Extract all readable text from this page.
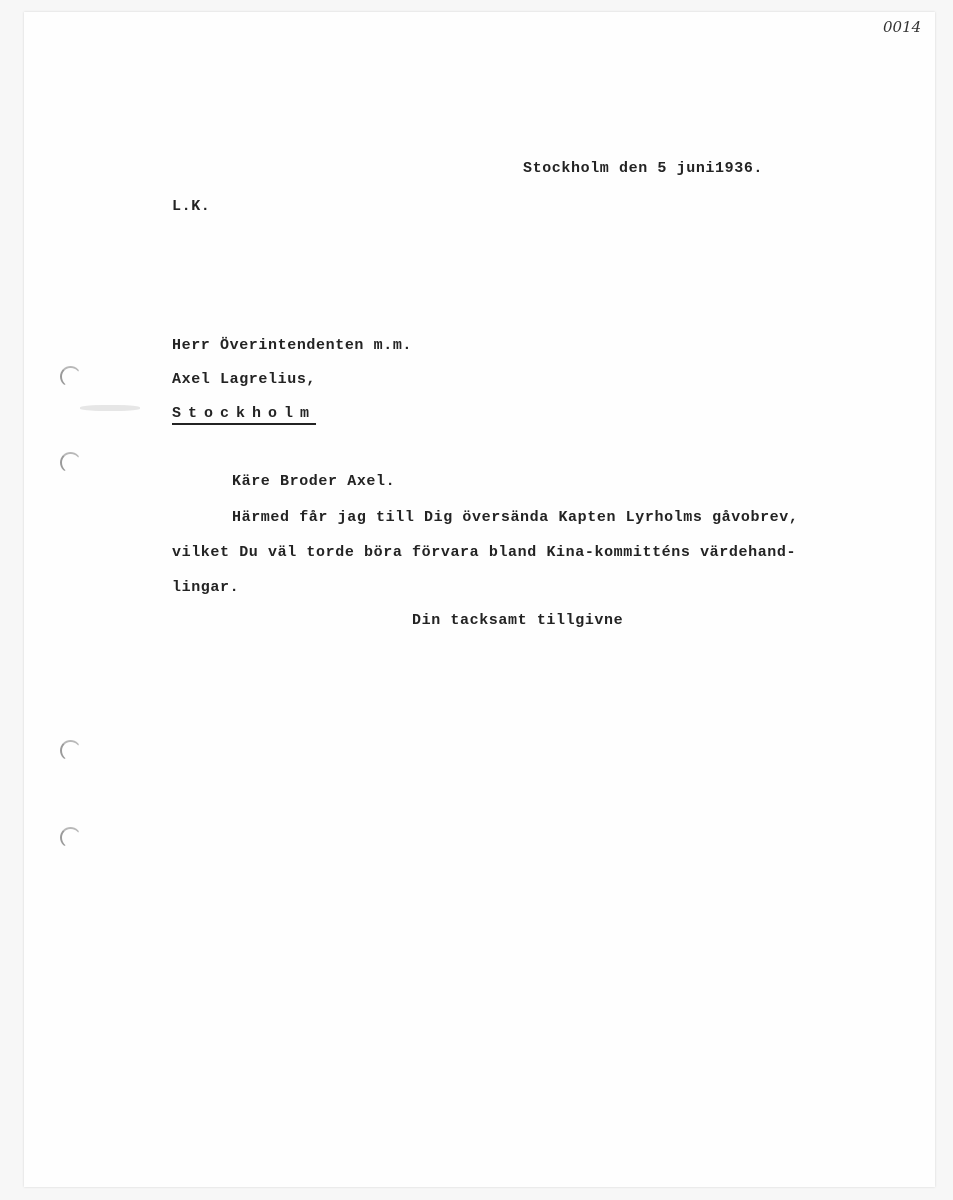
0014
Stockholm den 5 juni1936.
L.K.
Herr Överintendenten m.m.
Axel Lagrelius,
Stockholm
Käre Broder Axel.
Härmed får jag till Dig översända Kapten Lyrholms gåvobrev,
vilket Du väl torde böra förvara bland Kina-kommitténs värdehand-
lingar.
Din tacksamt tillgivne
